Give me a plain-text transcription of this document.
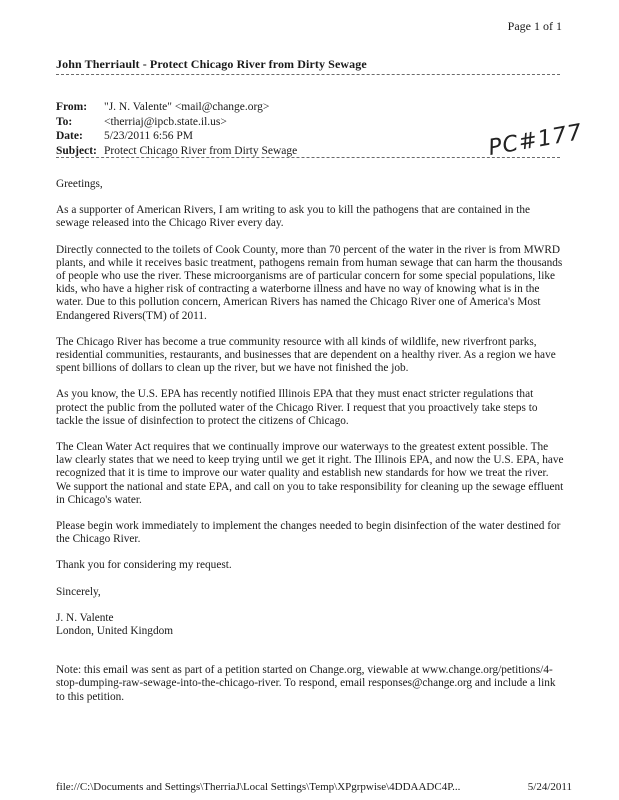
Page 1 of 1
John Therriault - Protect Chicago River from Dirty Sewage
From:	"J. N. Valente" <mail@change.org>
To:	<therriaj@ipcb.state.il.us>
Date:	5/23/2011 6:56 PM
Subject: Protect Chicago River from Dirty Sewage	PC#177

Greetings,

As a supporter of American Rivers, I am writing to ask you to kill the pathogens that are contained in the sewage released into the Chicago River every day.

Directly connected to the toilets of Cook County, more than 70 percent of the water in the river is from MWRD plants, and while it receives basic treatment, pathogens remain from human sewage that can harm the thousands of people who use the river. These microorganisms are of particular concern for some special populations, like kids, who have a higher risk of contracting a waterborne illness and have no way of knowing what is in the water. Due to this pollution concern, American Rivers has named the Chicago River one of America's Most Endangered Rivers(TM) of 2011.

The Chicago River has become a true community resource with all kinds of wildlife, new riverfront parks, residential communities, restaurants, and businesses that are dependent on a healthy river. As a region we have spent billions of dollars to clean up the river, but we have not finished the job.

As you know, the U.S. EPA has recently notified Illinois EPA that they must enact stricter regulations that protect the public from the polluted water of the Chicago River. I request that you proactively take steps to tackle the issue of disinfection to protect the citizens of Chicago.

The Clean Water Act requires that we continually improve our waterways to the greatest extent possible. The law clearly states that we need to keep trying until we get it right. The Illinois EPA, and now the U.S. EPA, have recognized that it is time to improve our water quality and establish new standards for how we treat the river. We support the national and state EPA, and call on you to take responsibility for cleaning up the sewage effluent in Chicago's water.

Please begin work immediately to implement the changes needed to begin disinfection of the water destined for the Chicago River.

Thank you for considering my request.

Sincerely,

J. N. Valente
London, United Kingdom

Note: this email was sent as part of a petition started on Change.org, viewable at www.change.org/petitions/4-stop-dumping-raw-sewage-into-the-chicago-river. To respond, email responses@change.org and include a link to this petition.

file://C:\Documents and Settings\TherriaJ\Local Settings\Temp\XPgrpwise\4DDAADC4P...	5/24/2011
